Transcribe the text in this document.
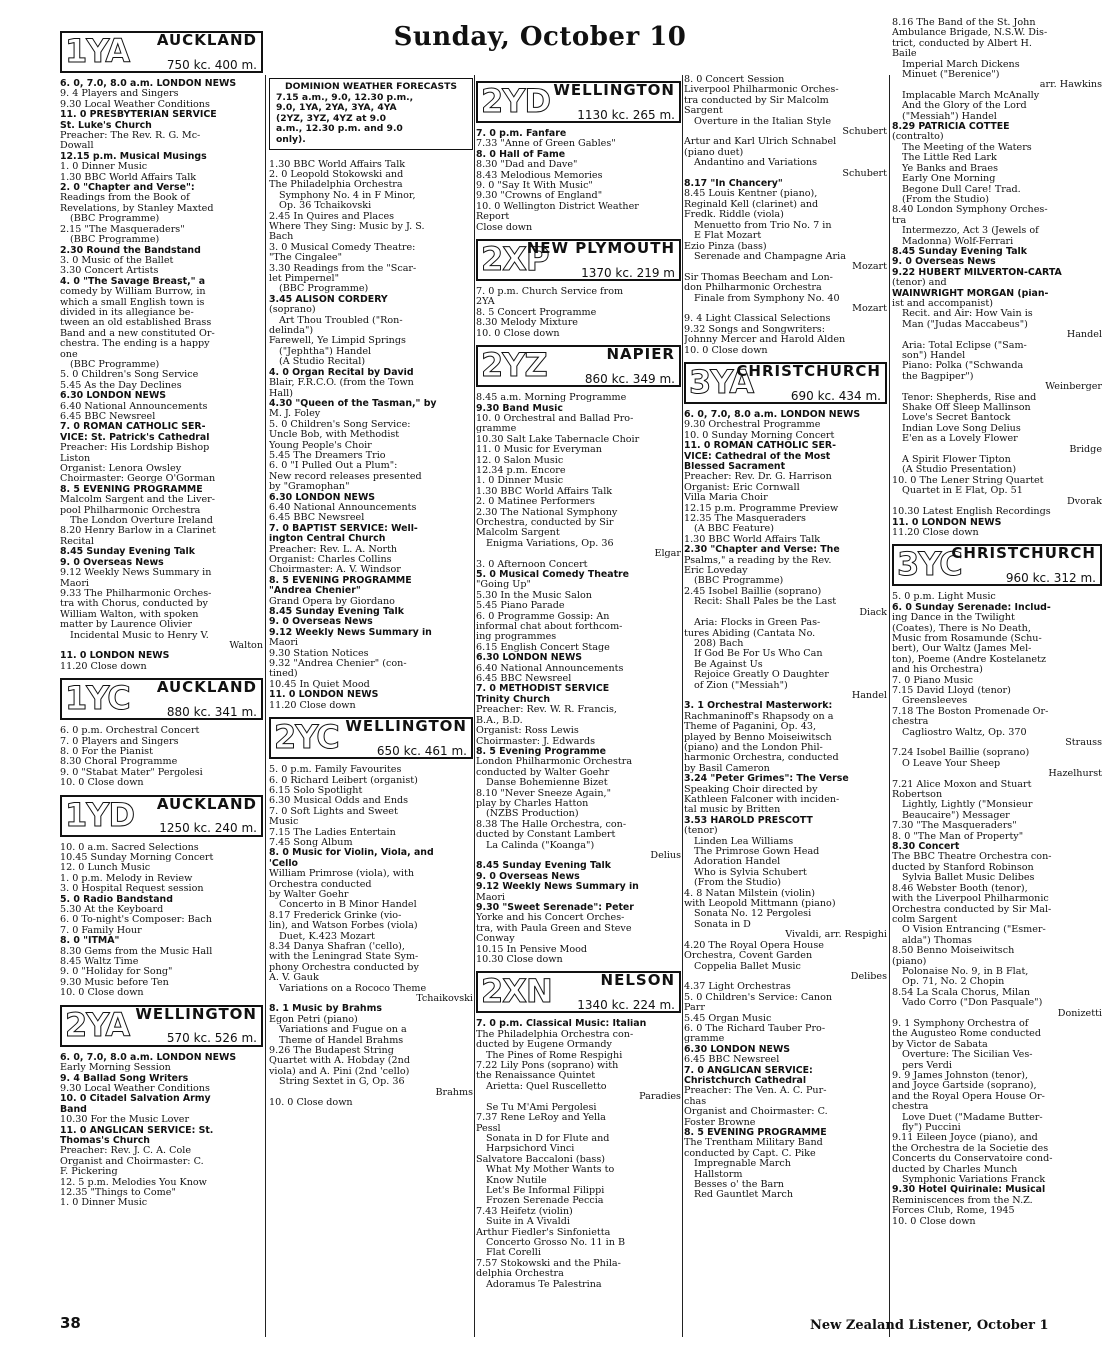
Sunday, October 10
1YA AUCKLAND
750 kc. 400 m.
6. 0, 7.0, 8.0 a.m. LONDON NEWS
9. 4 Players and Singers
9.30 Local Weather Conditions
11. 0 PRESBYTERIAN SERVICE
St. Luke's Church
Preacher: The Rev. R. G. Mc-
Dowall
12.15 p.m. Musical Musings
1. 0 Dinner Music
1.30 BBC World Affairs Talk
2. 0 "Chapter and Verse":
Readings from the Book of
Revelations, by Stanley Maxted
(BBC Programme)
2.15 "The Masqueraders"
(BBC Programme)
2.30 Round the Bandstand
3. 0 Music of the Ballet
3.30 Concert Artists
4. 0 "The Savage Breast," a
comedy by William Burrow, in
which a small English town is
divided in its allegiance be-
tween an old established Brass
Band and a new constituted Or-
chestra. The ending is a happy
one
(BBC Programme)
5. 0 Children's Song Service
5.45 As the Day Declines
6.30 LONDON NEWS
6.40 National Announcements
6.45 BBC Newsreel
7. 0 ROMAN CATHOLIC SER-
VICE: St. Patrick's Cathedral
Preacher: His Lordship Bishop
Liston
Organist: Lenora Owsley
Choirmaster: George O'Gorman
8. 5 EVENING PROGRAMME
Malcolm Sargent and the Liver-
pool Philharmonic Orchestra
The London Overture Ireland
8.20 Henry Barlow in a Clarinet
Recital
8.45 Sunday Evening Talk
9. 0 Overseas News
9.12 Weekly News Summary in
Maori
9.33 The Philharmonic Orches-
tra with Chorus, conducted by
William Walton, with spoken
matter by Laurence Olivier
Incidental Music to Henry V.
Walton
11. 0 LONDON NEWS
11.20 Close down
1YC AUCKLAND
880 kc. 341 m.
6. 0 p.m. Orchestral Concert
7. 0 Players and Singers
8. 0 For the Pianist
8.30 Choral Programme
9. 0 "Stabat Mater" Pergolesi
10. 0 Close down
1YD AUCKLAND
1250 kc. 240 m.
10. 0 a.m. Sacred Selections
10.45 Sunday Morning Concert
12. 0 Lunch Music
1. 0 p.m. Melody in Review
3. 0 Hospital Request session
5. 0 Radio Bandstand
5.30 At the Keyboard
6. 0 To-night's Composer: Bach
7. 0 Family Hour
8. 0 "ITMA"
8.30 Gems from the Music Hall
8.45 Waltz Time
9. 0 "Holiday for Song"
9.30 Music before Ten
10. 0 Close down
2YA WELLINGTON
570 kc. 526 m.
6. 0, 7.0, 8.0 a.m. LONDON NEWS
Early Morning Session
9. 4 Ballad Song Writers
9.30 Local Weather Conditions
10. 0 Citadel Salvation Army
Band
10.30 For the Music Lover
11. 0 ANGLICAN SERVICE: St.
Thomas's Church
Preacher: Rev. J. C. A. Cole
Organist and Choirmaster: C.
F. Pickering
12. 5 p.m. Melodies You Know
12.35 "Things to Come"
1. 0 Dinner Music
DOMINION WEATHER FORECASTS
7.15 a.m., 9.0, 12.30 p.m.,
9.0, 1YA, 2YA, 3YA, 4YA
(2YZ, 3YZ, 4YZ at 9.0
a.m., 12.30 p.m. and 9.0
only).
1.30 BBC World Affairs Talk
2. 0 Leopold Stokowski and
The Philadelphia Orchestra
Symphony No. 4 in F Minor,
Op. 36 Tchaikovski
2.45 In Quires and Places
Where They Sing: Music by J. S.
Bach
3. 0 Musical Comedy Theatre:
"The Cingalee"
3.30 Readings from the "Scar-
let Pimpernel"
(BBC Programme)
3.45 ALISON CORDERY
(soprano)
Art Thou Troubled ("Ron-
delinda")
Farewell, Ye Limpid Springs
("Jephtha") Handel
(A Studio Recital)
4. 0 Organ Recital by David
Blair, F.R.C.O. (from the Town
Hall)
4.30 "Queen of the Tasman," by
M. J. Foley
5. 0 Children's Song Service:
Uncle Bob, with Methodist
Young People's Choir
5.45 The Dreamers Trio
6. 0 "I Pulled Out a Plum":
New record releases presented
by "Gramophan"
6.30 LONDON NEWS
6.40 National Announcements
6.45 BBC Newsreel
7. 0 BAPTIST SERVICE: Well-
ington Central Church
Preacher: Rev. L. A. North
Organist: Charles Collins
Choirmaster: A. V. Windsor
8. 5 EVENING PROGRAMME
"Andrea Chenier"
Grand Opera by Giordano
8.45 Sunday Evening Talk
9. 0 Overseas News
9.12 Weekly News Summary in
Maori
9.30 Station Notices
9.32 "Andrea Chenier" (con-
tined)
10.45 In Quiet Mood
11. 0 LONDON NEWS
11.20 Close down
2YC WELLINGTON
650 kc. 461 m.
5. 0 p.m. Family Favourites
6. 0 Richard Leibert (organist)
6.15 Solo Spotlight
6.30 Musical Odds and Ends
7. 0 Soft Lights and Sweet
Music
7.15 The Ladies Entertain
7.45 Song Album
8. 0 Music for Violin, Viola, and
'Cello
William Primrose (viola), with
Orchestra conducted
by Walter Goehr
Concerto in B Minor Handel
8.17 Frederick Grinke (vio-
lin), and Watson Forbes (viola)
Duet, K.423 Mozart
8.34 Danya Shafran ('cello),
with the Leningrad State Sym-
phony Orchestra conducted by
A. V. Gauk
Variations on a Rococo Theme
Tchaikovski
8. 1 Music by Brahms
Egon Petri (piano)
Variations and Fugue on a
Theme of Handel Brahms
9.26 The Budapest String
Quartet with A. Hobday (2nd
viola) and A. Pini (2nd 'cello)
String Sextet in G, Op. 36
Brahms
10. 0 Close down
2YD WELLINGTON
1130 kc. 265 m.
7. 0 p.m. Fanfare
7.33 "Anne of Green Gables"
8. 0 Hall of Fame
8.30 "Dad and Dave"
8.43 Melodious Memories
9. 0 "Say It With Music"
9.30 "Crowns of England"
10. 0 Wellington District Weather
Report
Close down
2XP
NEW PLYMOUTH
1370 kc. 219 m
7. 0 p.m. Church Service from
2YA
8. 5 Concert Programme
8.30 Melody Mixture
10. 0 Close down
2YZ	NAPIER
860 kc. 349 m.
8.45 a.m. Morning Programme
9.30 Band Music
10. 0 Orchestral and Ballad Pro-
gramme
10.30 Salt Lake Tabernacle Choir
11. 0 Music for Everyman
12. 0 Salon Music
12.34 p.m. Encore
1. 0 Dinner Music
1.30 BBC World Affairs Talk
2. 0 Matinee Performers
2.30 The National Symphony
Orchestra, conducted by Sir
Malcolm Sargent
Enigma Variations, Op. 36
Elgar
3. 0 Afternoon Concert
5. 0 Musical Comedy Theatre
"Going Up"
5.30 In the Music Salon
5.45 Piano Parade
6. 0 Programme Gossip: An
informal chat about forthcom-
ing programmes
6.15 English Concert Stage
6.30 LONDON NEWS
6.40 National Announcements
6.45 BBC Newsreel
7. 0 METHODIST SERVICE
Trinity Church
Preacher: Rev. W. R. Francis,
B.A., B.D.
Organist: Ross Lewis
Choirmaster: J. Edwards
8. 5 Evening Programme
London Philharmonic Orchestra
conducted by Walter Goehr
Danse Bohemienne Bizet
8.10 "Never Sneeze Again,"
play by Charles Hatton
(NZBS Production)
8.38 The Halle Orchestra, con-
ducted by Constant Lambert
La Calinda ("Koanga")
Delius
8.45 Sunday Evening Talk
9. 0 Overseas News
9.12 Weekly News Summary in
Maori
9.30 "Sweet Serenade": Peter
Yorke and his Concert Orches-
tra, with Paula Green and Steve
Conway
10.15 In Pensive Mood
10.30 Close down
2XN	NELSON
1340 kc. 224 m.
7. 0 p.m. Classical Music: Italian
The Philadelphia Orchestra con-
ducted by Eugene Ormandy
The Pines of Rome Respighi
7.22 Lily Pons (soprano) with
the Renaissance Quintet
Arietta: Quel Ruscelletto
Paradies
Se Tu M'Ami Pergolesi
7.37 Rene LeRoy and Yella
Pessl
Sonata in D for Flute and
Harpsichord Vinci
Salvatore Baccaloni (bass)
What My Mother Wants to
Know Nutile
Let's Be Informal Filippi
Frozen Serenade Peccia
7.43 Heifetz (violin)
Suite in A Vivaldi
Arthur Fiedler's Sinfonietta
Concerto Grosso No. 11 in B
Flat Corelli
7.57 Stokowski and the Phila-
delphia Orchestra
Adoramus Te Palestrina
8. 0 Concert Session
Liverpool Philharmonic Orches-
tra conducted by Sir Malcolm
Sargent
Overture in the Italian Style
Schubert
Artur and Karl Ulrich Schnabel
(piano duet)
Andantino and Variations
Schubert
8.17 "In Chancery"
8.45 Louis Kentner (piano),
Reginald Kell (clarinet) and
Fredk. Riddle (viola)
Menuetto from Trio No. 7 in
E Flat Mozart
Ezio Pinza (bass)
Serenade and Champagne Aria
Mozart
Sir Thomas Beecham and Lon-
don Philharmonic Orchestra
Finale from Symphony No. 40
Mozart
9. 4 Light Classical Selections
9.32 Songs and Songwriters:
Johnny Mercer and Harold Alden
10. 0 Close down
3YA
CHRISTCHURCH
690 kc. 434 m.
6. 0, 7.0, 8.0 a.m. LONDON NEWS
9.30 Orchestral Programme
10. 0 Sunday Morning Concert
11. 0 ROMAN CATHOLIC SER-
VICE: Cathedral of the Most
Blessed Sacrament
Preacher: Rev. Dr. G. Harrison
Organist: Eric Cornwall
Villa Maria Choir
12.15 p.m. Programme Preview
12.35 The Masqueraders
(A BBC Feature)
1.30 BBC World Affairs Talk
2.30 "Chapter and Verse: The
Psalms," a reading by the Rev.
Eric Loveday
(BBC Programme)
2.45 Isobel Baillie (soprano)
Recit: Shall Pales be the Last
Diack
Aria: Flocks in Green Pas-
tures Abiding (Cantata No.
208) Bach
If God Be For Us Who Can
Be Against Us
Rejoice Greatly O Daughter
of Zion ("Messiah")
Handel
3. 1 Orchestral Masterwork:
Rachmaninoff's Rhapsody on a
Theme of Paganini, Op. 43,
played by Benno Moiseiwitsch
(piano) and the London Phil-
harmonic Orchestra, conducted
by Basil Cameron
3.24 "Peter Grimes": The Verse
Speaking Choir directed by
Kathleen Falconer with inciden-
tal music by Britten
3.53 HAROLD PRESCOTT
(tenor)
Linden Lea Williams
The Primrose Gown Head
Adoration Handel
Who is Sylvia Schubert
(From the Studio)
4. 8 Natan Milstein (violin)
with Leopold Mittmann (piano)
Sonata No. 12 Pergolesi
Sonata in D
Vivaldi, arr. Respighi
4.20 The Royal Opera House
Orchestra, Covent Garden
Coppelia Ballet Music
Delibes
4.37 Light Orchestras
5. 0 Children's Service: Canon
Parr
5.45 Organ Music
6. 0 The Richard Tauber Pro-
gramme
6.30 LONDON NEWS
6.45 BBC Newsreel
7. 0 ANGLICAN SERVICE:
Christchurch Cathedral
Preacher: The Ven. A. C. Pur-
chas
Organist and Choirmaster: C.
Foster Browne
8. 5 EVENING PROGRAMME
The Trentham Military Band
conducted by Capt. C. Pike
Impregnable March
Hallstorm
Besses o' the Barn
Red Gauntlet March
8.16 The Band of the St. John
Ambulance Brigade, N.S.W. Dis-
trict, conducted by Albert H.
Baile
Imperial March Dickens
Minuet ("Berenice")
arr. Hawkins
Implacable March McAnally
And the Glory of the Lord
("Messiah") Handel
8.29 PATRICIA COTTEE
(contralto)
The Meeting of the Waters
The Little Red Lark
Ye Banks and Braes
Early One Morning
Begone Dull Care! Trad.
(From the Studio)
8.40 London Symphony Orches-
tra
Intermezzo, Act 3 (Jewels of
Madonna) Wolf-Ferrari
8.45 Sunday Evening Talk
9. 0 Overseas News
9.22 HUBERT MILVERTON-CARTA
(tenor) and
WAINWRIGHT MORGAN (pian-
ist and accompanist)
Recit. and Air: How Vain is
Man ("Judas Maccabeus")
Handel
Aria: Total Eclipse ("Sam-
son") Handel
Piano: Polka ("Schwanda
the Bagpiper")
Weinberger
Tenor: Shepherds, Rise and
Shake Off Sleep Mallinson
Love's Secret Bantock
Indian Love Song Delius
E'en as a Lovely Flower
Bridge
A Spirit Flower Tipton
(A Studio Presentation)
10. 0 The Lener String Quartet
Quartet in E Flat, Op. 51
Dvorak
10.30 Latest English Recordings
11. 0 LONDON NEWS
11.20 Close down
3YC
CHRISTCHURCH
960 kc. 312 m.
5. 0 p.m. Light Music
6. 0 Sunday Serenade: Includ-
ing Dance in the Twilight
(Coates), There is No Death,
Music from Rosamunde (Schu-
bert), Our Waltz (James Mel-
ton), Poeme (Andre Kostelanetz
and his Orchestra)
7. 0 Piano Music
7.15 David Lloyd (tenor)
Greensleeves
7.18 The Boston Promenade Or-
chestra
Cagliostro Waltz, Op. 370
Strauss
7.24 Isobel Baillie (soprano)
O Leave Your Sheep
Hazelhurst
7.21 Alice Moxon and Stuart
Robertson
Lightly, Lightly ("Monsieur
Beaucaire") Messager
7.30 "The Masqueraders"
8. 0 "The Man of Property"
8.30 Concert
The BBC Theatre Orchestra con-
ducted by Stanford Robinson
Sylvia Ballet Music Delibes
8.46 Webster Booth (tenor),
with the Liverpool Philharmonic
Orchestra conducted by Sir Mal-
colm Sargent
O Vision Entrancing ("Esmer-
alda") Thomas
8.50 Benno Moiseiwitsch
(piano)
Polonaise No. 9, in B Flat,
Op. 71, No. 2 Chopin
8.54 La Scala Chorus, Milan
Vado Corro ("Don Pasquale")
Donizetti
9. 1 Symphony Orchestra of
the Augusteo Rome conducted
by Victor de Sabata
Overture: The Sicilian Ves-
pers Verdi
9. 9 James Johnston (tenor),
and Joyce Gartside (soprano),
and the Royal Opera House Or-
chestra
Love Duet ("Madame Butter-
fly") Puccini
9.11 Eileen Joyce (piano), and
the Orchestra de la Societie des
Concerts du Conservatoire cond-
ducted by Charles Munch
Symphonic Variations Franck
9.30 Hotel Quirinale: Musical
Reminiscences from the N.Z.
Forces Club, Rome, 1945
10. 0 Close down
38	New Zealand Listener, October 1
